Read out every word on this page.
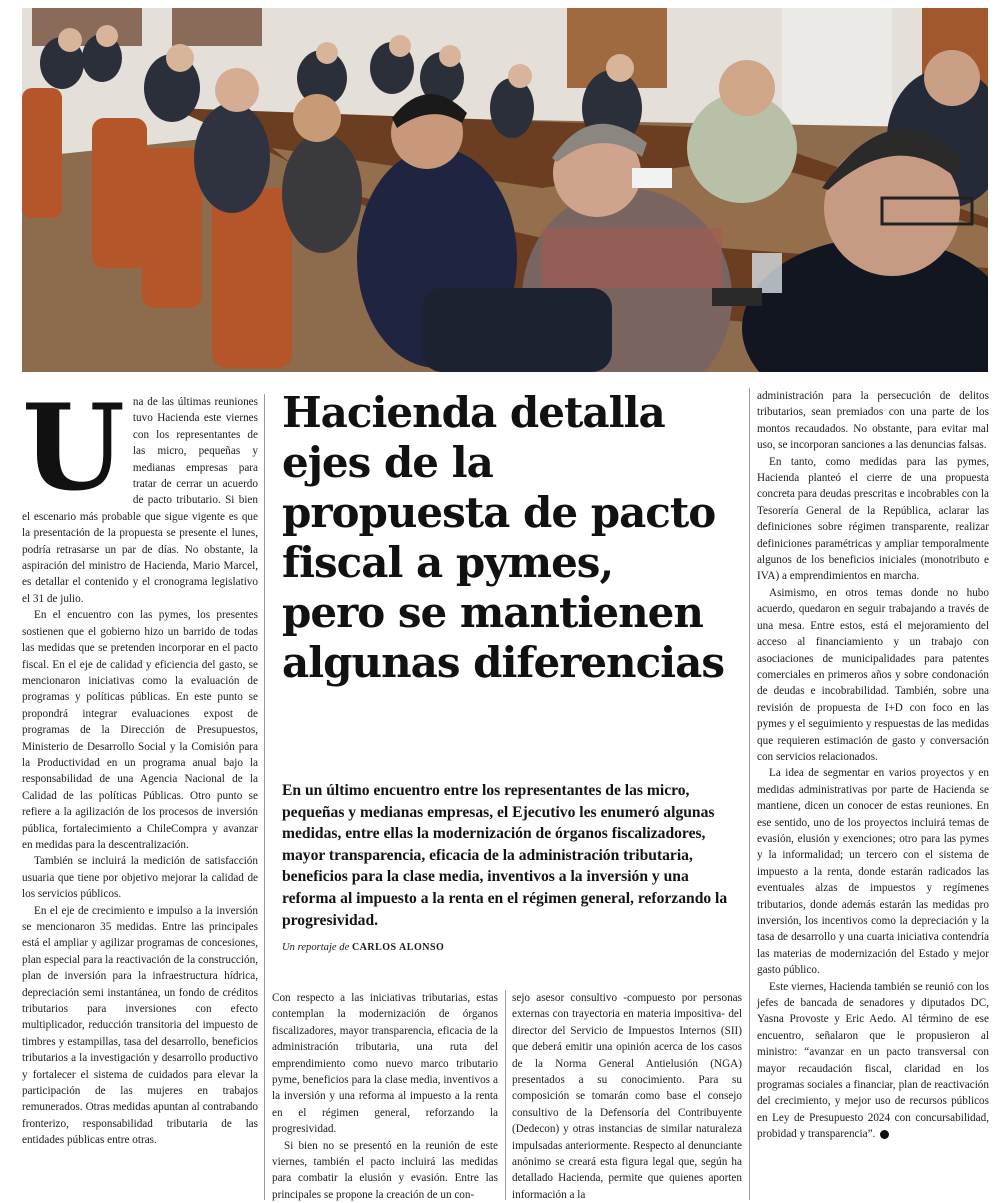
U na de las últimas reuniones tuvo Hacienda este viernes con los representantes de las micro, pequeñas y medianas empresas para tratar de cerrar un acuerdo de pacto tributario. Si bien el escenario más probable que sigue vigente es que la presentación de la propuesta se presente el lunes, podría retrasarse un par de días. No obstante, la aspiración del ministro de Hacienda, Mario Marcel, es detallar el contenido y el cronograma legislativo el 31 de julio.

En el encuentro con las pymes, los presentes sostienen que el gobierno hizo un barrido de todas las medidas que se pretenden incorporar en el pacto fiscal. En el eje de calidad y eficiencia del gasto, se mencionaron iniciativas como la evaluación de programas y políticas públicas. En este punto se propondrá integrar evaluaciones expost de programas de la Dirección de Presupuestos, Ministerio de Desarrollo Social y la Comisión para la Productividad en un programa anual bajo la responsabilidad de una Agencia Nacional de la Calidad de las políticas Públicas. Otro punto se refiere a la agilización de los procesos de inversión pública, fortalecimiento a ChileCompra y avanzar en medidas para la descentralización.

También se incluirá la medición de satisfacción usuaria que tiene por objetivo mejorar la calidad de los servicios públicos.

En el eje de crecimiento e impulso a la inversión se mencionaron 35 medidas. Entre las principales está el ampliar y agilizar programas de concesiones, plan especial para la reactivación de la construcción, plan de inversión para la infraestructura hídrica, depreciación semi instantánea, un fondo de créditos tributarios para inversiones con efecto multiplicador, reducción transitoria del impuesto de timbres y estampillas, tasa del desarrollo, beneficios tributarios a la investigación y desarrollo productivo y fortalecer el sistema de cuidados para elevar la participación de las mujeres en trabajos remunerados. Otras medidas apuntan al contrabando fronterizo, responsabilidad tributaria de las entidades públicas entre otras.

Hacienda detalla
ejes de la
propuesta de pacto
fiscal a pymes,
pero se mantienen
algunas diferencias

En un último encuentro entre los representantes de las micro, pequeñas y medianas empresas, el Ejecutivo les enumeró algunas medidas, entre ellas la modernización de órganos fiscalizadores, mayor transparencia, eficacia de la administración tributaria, beneficios para la clase media, inventivos a la inversión y una reforma al impuesto a la renta en el régimen general, reforzando la progresividad.

Un reportaje de CARLOS ALONSO

Con respecto a las iniciativas tributarias, estas contemplan la modernización de órganos fiscalizadores, mayor transparencia, eficacia de la administración tributaria, una ruta del emprendimiento como nuevo marco tributario pyme, beneficios para la clase media, inventivos a la inversión y una reforma al impuesto a la renta en el régimen general, reforzando la progresividad.

Si bien no se presentó en la reunión de este viernes, también el pacto incluirá las medidas para combatir la elusión y evasión. Entre las principales se propone la creación de un con-

sejo asesor consultivo -compuesto por personas externas con trayectoria en materia impositiva- del director del Servicio de Impuestos Internos (SII) que deberá emitir una opinión acerca de los casos de la Norma General Antielusión (NGA) presentados a su conocimiento. Para su composición se tomarán como base el consejo consultivo de la Defensoría del Contribuyente (Dedecon) y otras instancias de similar naturaleza impulsadas anteriormente. Respecto al denunciante anónimo se creará esta figura legal que, según ha detallado Hacienda, permite que quienes aporten información a la

administración para la persecución de delitos tributarios, sean premiados con una parte de los montos recaudados. No obstante, para evitar mal uso, se incorporan sanciones a las denuncias falsas.

En tanto, como medidas para las pymes, Hacienda planteó el cierre de una propuesta concreta para deudas prescritas e incobrables con la Tesorería General de la República, aclarar las definiciones sobre régimen transparente, realizar definiciones paramétricas y ampliar temporalmente algunos de los beneficios iniciales (monotributo e IVA) a emprendimientos en marcha.

Asimismo, en otros temas donde no hubo acuerdo, quedaron en seguir trabajando a través de una mesa. Entre estos, está el mejoramiento del acceso al financiamiento y un trabajo con asociaciones de municipalidades para patentes comerciales en primeros años y sobre condonación de deudas e incobrabilidad. También, sobre una revisión de propuesta de I+D con foco en las pymes y el seguimiento y respuestas de las medidas que requieren estimación de gasto y conversación con servicios relacionados.

La idea de segmentar en varios proyectos y en medidas administrativas por parte de Hacienda se mantiene, dicen un conocer de estas reuniones. En ese sentido, uno de los proyectos incluirá temas de evasión, elusión y exenciones; otro para las pymes y la informalidad; un tercero con el sistema de impuesto a la renta, donde estarán radicados las eventuales alzas de impuestos y regímenes tributarios, donde además estarán las medidas pro inversión, los incentivos como la depreciación y la tasa de desarrollo y una cuarta iniciativa contendría las materias de modernización del Estado y mejor gasto público.

Este viernes, Hacienda también se reunió con los jefes de bancada de senadores y diputados DC, Yasna Provoste y Eric Aedo. Al término de ese encuentro, señalaron que le propusieron al ministro: “avanzar en un pacto transversal con mayor recaudación fiscal, claridad en los programas sociales a financiar, plan de reactivación del crecimiento, y mejor uso de recursos públicos en Ley de Presupuesto 2024 con concursabilidad, probidad y transparencia”. P
